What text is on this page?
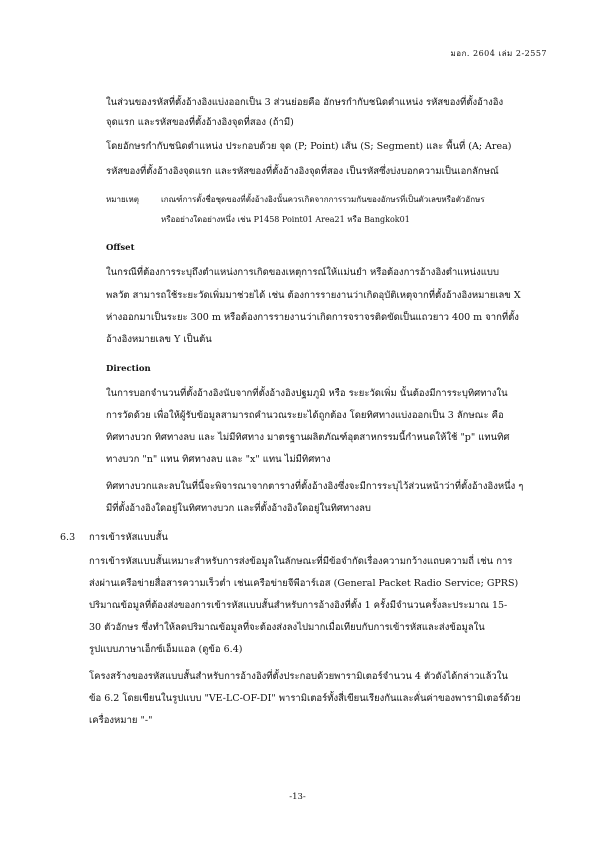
มอก. 2604 เล่ม 2-2557
ในส่วนของรหัสที่ตั้งอ้างอิงแบ่งออกเป็น 3 ส่วนย่อยคือ อักษรกำกับชนิดตำแหน่ง รหัสของที่ตั้งอ้างอิง
จุดแรก และรหัสของที่ตั้งอ้างอิงจุดที่สอง (ถ้ามี)
โดยอักษรกำกับชนิดตำแหน่ง ประกอบด้วย จุด (P; Point) เส้น (S; Segment) และ พื้นที่ (A; Area)
รหัสของที่ตั้งอ้างอิงจุดแรก และรหัสของที่ตั้งอ้างอิงจุดที่สอง เป็นรหัสซึ่งบ่งบอกความเป็นเอกลักษณ์
หมายเหตุ	เกณฑ์การตั้งชื่อชุดของที่ตั้งอ้างอิงนั้นควรเกิดจากการรวมกันของอักษรที่เป็นตัวเลขหรือตัวอักษร
หรืออย่างใดอย่างหนึ่ง เช่น P1458 Point01 Area21 หรือ Bangkok01
Offset
ในกรณีที่ต้องการระบุถึงตำแหน่งการเกิดของเหตุการณ์ให้แม่นยำ หรือต้องการอ้างอิงตำแหน่งแบบ
พลวัต สามารถใช้ระยะวัดเพิ่มมาช่วยได้ เช่น ต้องการรายงานว่าเกิดอุบัติเหตุจากที่ตั้งอ้างอิงหมายเลข X
ห่างออกมาเป็นระยะ 300 m หรือต้องการรายงานว่าเกิดการจราจรติดขัดเป็นแถวยาว 400 m จากที่ตั้ง
อ้างอิงหมายเลข Y เป็นต้น
Direction
ในการบอกจำนวนที่ตั้งอ้างอิงนับจากที่ตั้งอ้างอิงปฐมภูมิ หรือ ระยะวัดเพิ่ม นั้นต้องมีการระบุทิศทางใน
การวัดด้วย เพื่อให้ผู้รับข้อมูลสามารถคำนวณระยะได้ถูกต้อง โดยทิศทางแบ่งออกเป็น 3 ลักษณะ คือ
ทิศทางบวก ทิศทางลบ และ ไม่มีทิศทาง มาตรฐานผลิตภัณฑ์อุตสาหกรรมนี้กำหนดให้ใช้ "p" แทนทิศ
ทางบวก "n" แทน ทิศทางลบ และ "x" แทน ไม่มีทิศทาง
ทิศทางบวกและลบในที่นี้จะพิจารณาจากตารางที่ตั้งอ้างอิงซึ่งจะมีการระบุไว้ส่วนหน้าว่าที่ตั้งอ้างอิงหนึ่ง ๆ
มีที่ตั้งอ้างอิงใดอยู่ในทิศทางบวก และที่ตั้งอ้างอิงใดอยู่ในทิศทางลบ
6.3 การเข้ารหัสแบบสั้น
การเข้ารหัสแบบสั้นเหมาะสำหรับการส่งข้อมูลในลักษณะที่มีข้อจำกัดเรื่องความกว้างแถบความถี่ เช่น การ
ส่งผ่านเครือข่ายสื่อสารความเร็วต่ำ เช่นเครือข่ายจีพีอาร์เอส (General Packet Radio Service; GPRS)
ปริมาณข้อมูลที่ต้องส่งของการเข้ารหัสแบบสั้นสำหรับการอ้างอิงที่ตั้ง 1 ครั้งมีจำนวนครั้งละประมาณ 15-
30 ตัวอักษร ซึ่งทำให้ลดปริมาณข้อมูลที่จะต้องส่งลงไปมากเมื่อเทียบกับการเข้ารหัสและส่งข้อมูลใน
รูปแบบภาษาเอ็กซ์เอ็มแอล (ดูข้อ 6.4)
โครงสร้างของรหัสแบบสั้นสำหรับการอ้างอิงที่ตั้งประกอบด้วยพารามิเตอร์จำนวน 4 ตัวดังได้กล่าวแล้วใน
ข้อ 6.2 โดยเขียนในรูปแบบ "VE-LC-OF-DI" พารามิเตอร์ทั้งสี่เขียนเรียงกันและคั่นค่าของพารามิเตอร์ด้วย
เครื่องหมาย "-"
-13-
